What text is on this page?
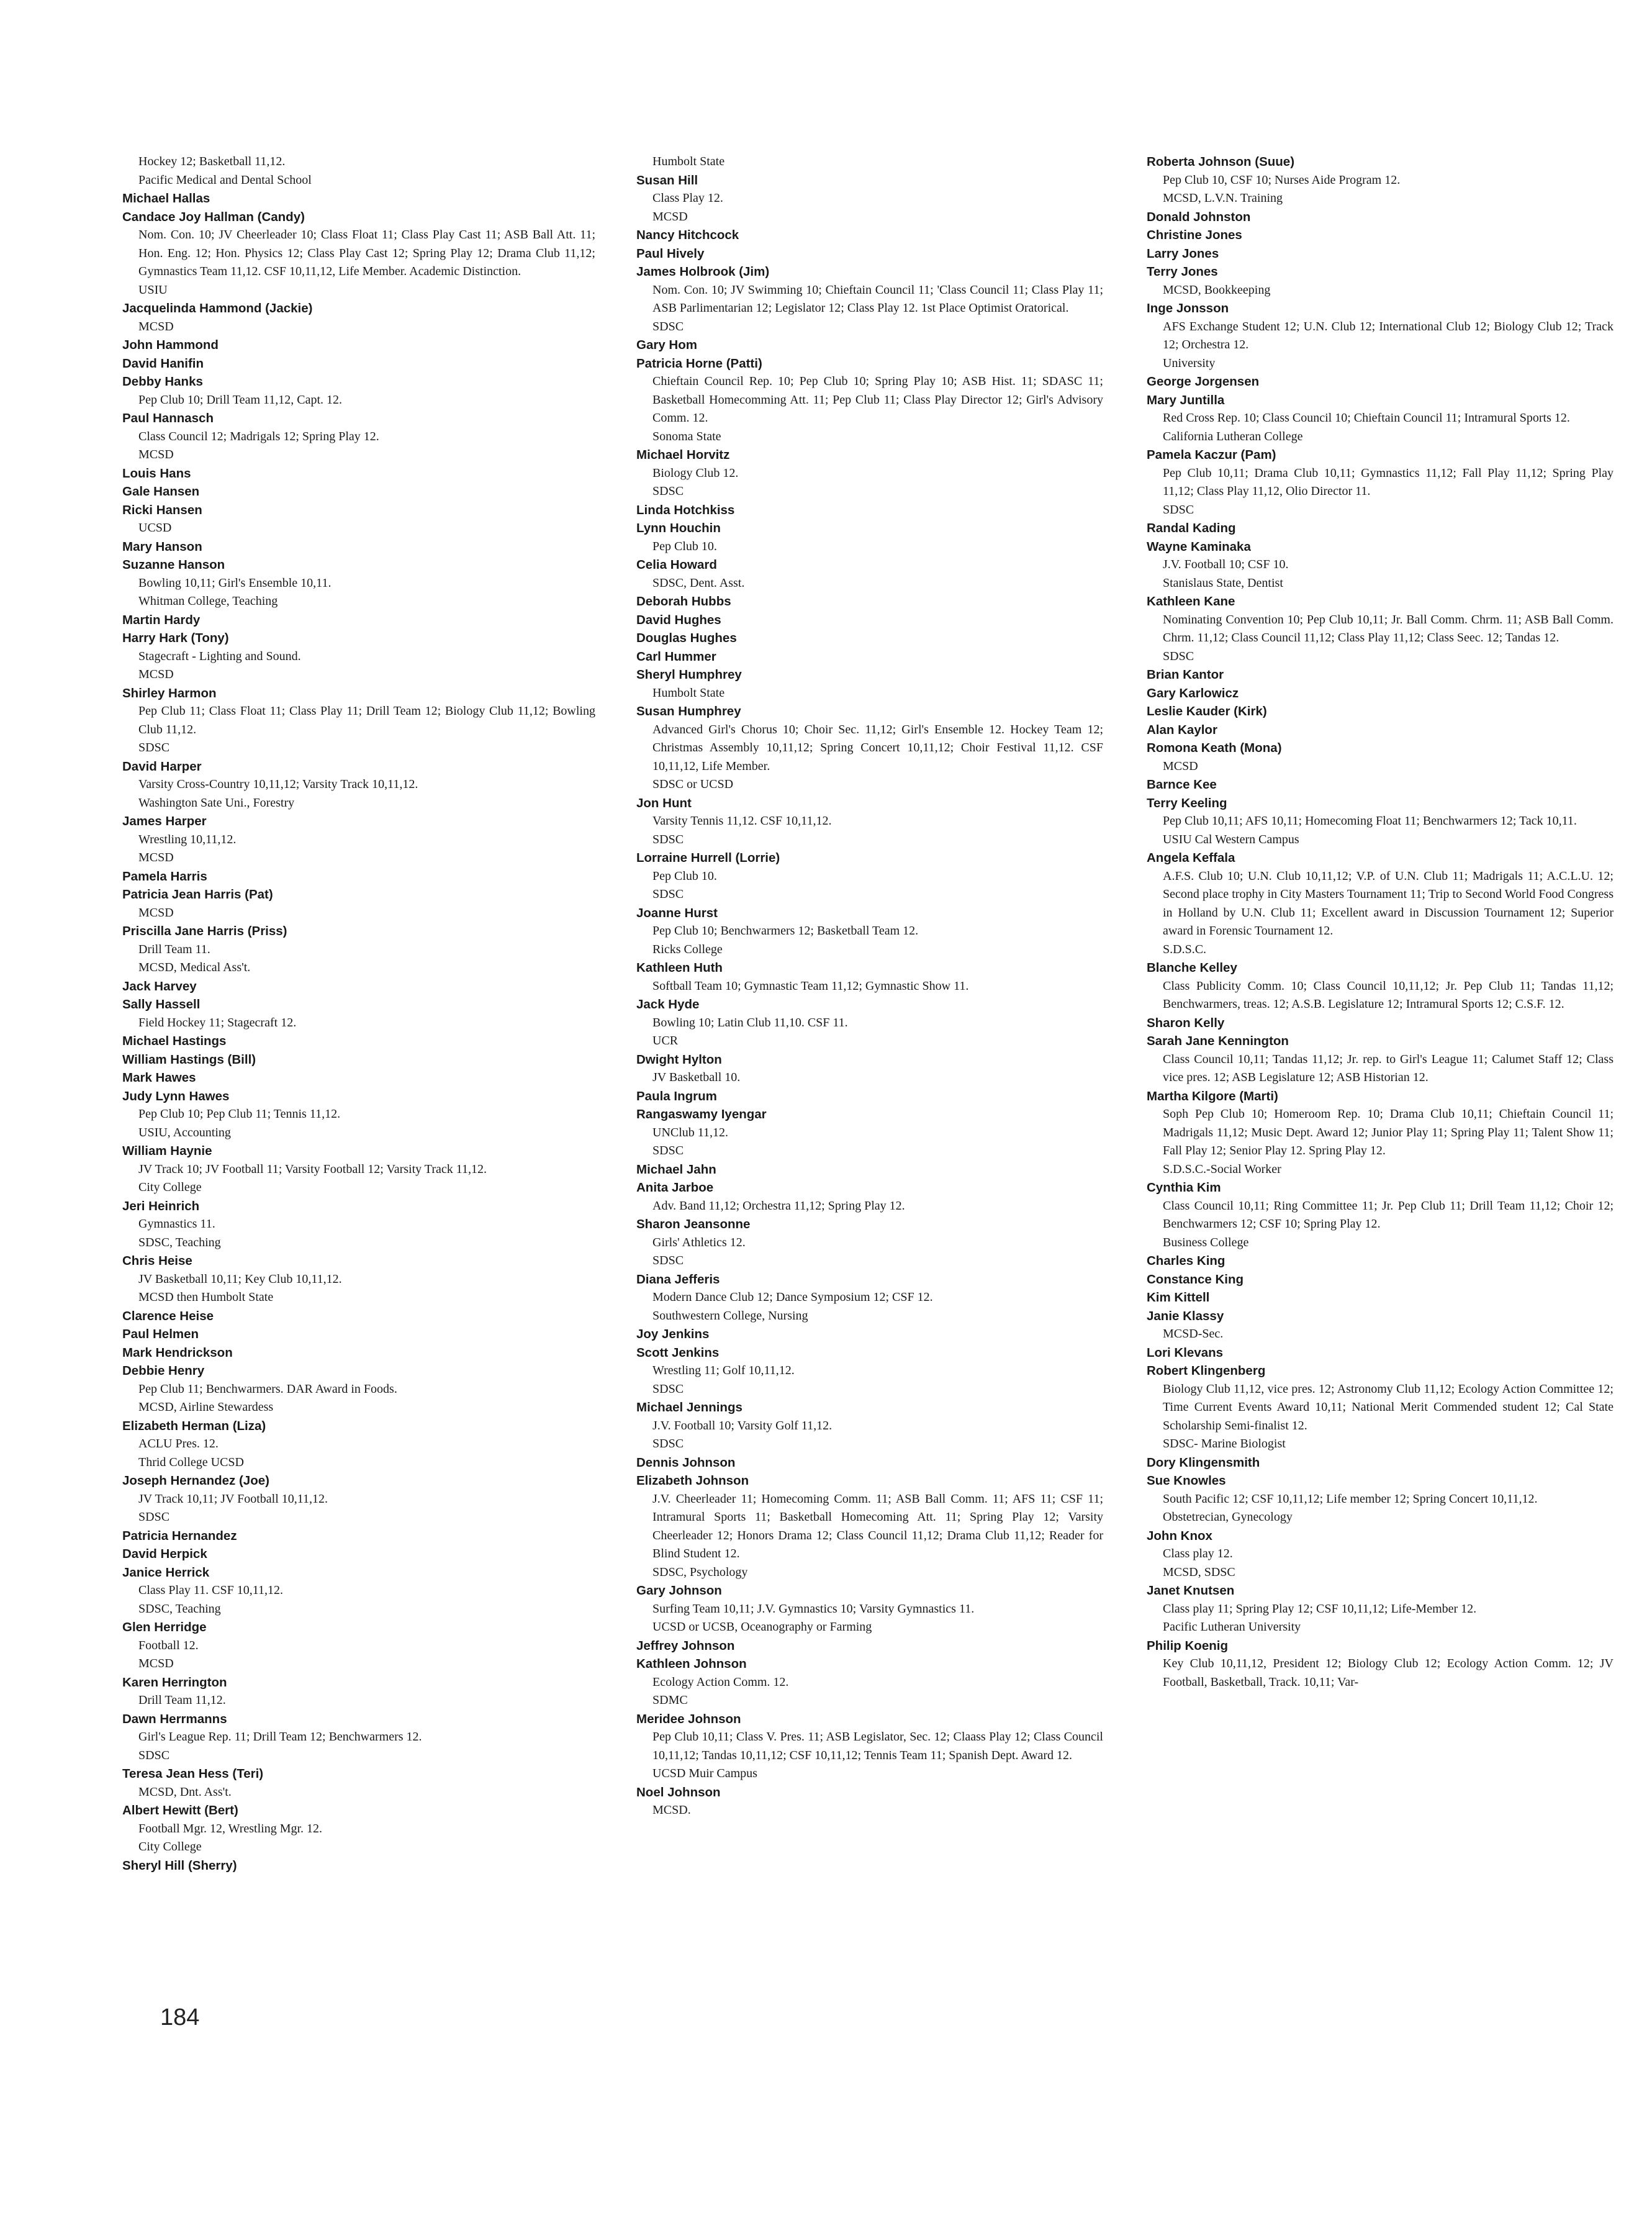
Hockey 12; Basketball 11,12.
Pacific Medical and Dental School
Michael Hallas
Candace Joy Hallman (Candy)
Nom. Con. 10; JV Cheerleader 10; Class Float 11; Class Play Cast 11; ASB Ball Att. 11; Hon. Eng. 12; Hon. Physics 12; Class Play Cast 12; Spring Play 12; Drama Club 11,12; Gymnastics Team 11,12. CSF 10,11,12, Life Member. Academic Distinction.
USIU
Jacquelinda Hammond (Jackie)
MCSD
John Hammond
David Hanifin
Debby Hanks
Pep Club 10; Drill Team 11,12, Capt. 12.
Paul Hannasch
Class Council 12; Madrigals 12; Spring Play 12.
MCSD
Louis Hans
Gale Hansen
Ricki Hansen
UCSD
Mary Hanson
Suzanne Hanson
Bowling 10,11; Girl's Ensemble 10,11.
Whitman College, Teaching
Martin Hardy
Harry Hark (Tony)
Stagecraft - Lighting and Sound.
MCSD
Shirley Harmon
Pep Club 11; Class Float 11; Class Play 11; Drill Team 12; Biology Club 11,12; Bowling Club 11,12.
SDSC
David Harper
Varsity Cross-Country 10,11,12; Varsity Track 10,11,12.
Washington Sate Uni., Forestry
James Harper
Wrestling 10,11,12.
MCSD
Pamela Harris
Patricia Jean Harris (Pat)
MCSD
Priscilla Jane Harris (Priss)
Drill Team 11.
MCSD, Medical Ass't.
Jack Harvey
Sally Hassell
Field Hockey 11; Stagecraft 12.
Michael Hastings
William Hastings (Bill)
Mark Hawes
Judy Lynn Hawes
Pep Club 10; Pep Club 11; Tennis 11,12.
USIU, Accounting
William Haynie
JV Track 10; JV Football 11; Varsity Football 12; Varsity Track 11,12.
City College
Jeri Heinrich
Gymnastics 11.
SDSC, Teaching
Chris Heise
JV Basketball 10,11; Key Club 10,11,12.
MCSD then Humbolt State
Clarence Heise
Paul Helmen
Mark Hendrickson
Debbie Henry
Pep Club 11; Benchwarmers. DAR Award in Foods.
MCSD, Airline Stewardess
Elizabeth Herman (Liza)
ACLU Pres. 12.
Thrid College UCSD
Joseph Hernandez (Joe)
JV Track 10,11; JV Football 10,11,12.
SDSC
Patricia Hernandez
David Herpick
Janice Herrick
Class Play 11. CSF 10,11,12.
SDSC, Teaching
Glen Herridge
Football 12.
MCSD
Karen Herrington
Drill Team 11,12.
Dawn Herrmanns
Girl's League Rep. 11; Drill Team 12; Benchwarmers 12.
SDSC
Teresa Jean Hess (Teri)
MCSD, Dnt. Ass't.
Albert Hewitt (Bert)
Football Mgr. 12, Wrestling Mgr. 12.
City College
Sheryl Hill (Sherry)
Humbolt State
Susan Hill
Class Play 12.
MCSD
Nancy Hitchcock
Paul Hively
James Holbrook (Jim)
Nom. Con. 10; JV Swimming 10; Chieftain Council 11; 'Class Council 11; Class Play 11; ASB Parlimentarian 12; Legislator 12; Class Play 12. 1st Place Optimist Oratorical.
SDSC
Gary Hom
Patricia Horne (Patti)
Chieftain Council Rep. 10; Pep Club 10; Spring Play 10; ASB Hist. 11; SDASC 11; Basketball Homecomming Att. 11; Pep Club 11; Class Play Director 12; Girl's Advisory Comm. 12.
Sonoma State
Michael Horvitz
Biology Club 12.
SDSC
Linda Hotchkiss
Lynn Houchin
Pep Club 10.
Celia Howard
SDSC, Dent. Asst.
Deborah Hubbs
David Hughes
Douglas Hughes
Carl Hummer
Sheryl Humphrey
Humbolt State
Susan Humphrey
Advanced Girl's Chorus 10; Choir Sec. 11,12; Girl's Ensemble 12. Hockey Team 12; Christmas Assembly 10,11,12; Spring Concert 10,11,12; Choir Festival 11,12. CSF 10,11,12, Life Member.
SDSC or UCSD
Jon Hunt
Varsity Tennis 11,12. CSF 10,11,12.
SDSC
Lorraine Hurrell (Lorrie)
Pep Club 10.
SDSC
Joanne Hurst
Pep Club 10; Benchwarmers 12; Basketball Team 12.
Ricks College
Kathleen Huth
Softball Team 10; Gymnastic Team 11,12; Gymnastic Show 11.
Jack Hyde
Bowling 10; Latin Club 11,10. CSF 11.
UCR
Dwight Hylton
JV Basketball 10.
Paula Ingrum
Rangaswamy Iyengar
UNClub 11,12.
SDSC
Michael Jahn
Anita Jarboe
Adv. Band 11,12; Orchestra 11,12; Spring Play 12.
Sharon Jeansonne
Girls' Athletics 12.
SDSC
Diana Jefferis
Modern Dance Club 12; Dance Symposium 12; CSF 12.
Southwestern College, Nursing
Joy Jenkins
Scott Jenkins
Wrestling 11; Golf 10,11,12.
SDSC
Michael Jennings
J.V. Football 10; Varsity Golf 11,12.
SDSC
Dennis Johnson
Elizabeth Johnson
J.V. Cheerleader 11; Homecoming Comm. 11; ASB Ball Comm. 11; AFS 11; CSF 11; Intramural Sports 11; Basketball Homecoming Att. 11; Spring Play 12; Varsity Cheerleader 12; Honors Drama 12; Class Council 11,12; Drama Club 11,12; Reader for Blind Student 12.
SDSC, Psychology
Gary Johnson
Surfing Team 10,11; J.V. Gymnastics 10; Varsity Gymnastics 11.
UCSD or UCSB, Oceanography or Farming
Jeffrey Johnson
Kathleen Johnson
Ecology Action Comm. 12.
SDMC
Meridee Johnson
Pep Club 10,11; Class V. Pres. 11; ASB Legislator, Sec. 12; Claass Play 12; Class Council 10,11,12; Tandas 10,11,12; CSF 10,11,12; Tennis Team 11; Spanish Dept. Award 12.
UCSD Muir Campus
Noel Johnson
MCSD.
Roberta Johnson (Suue)
Pep Club 10, CSF 10; Nurses Aide Program 12.
MCSD, L.V.N. Training
Donald Johnston
Christine Jones
Larry Jones
Terry Jones
MCSD, Bookkeeping
Inge Jonsson
AFS Exchange Student 12; U.N. Club 12; International Club 12; Biology Club 12; Track 12; Orchestra 12.
University
George Jorgensen
Mary Juntilla
Red Cross Rep. 10; Class Council 10; Chieftain Council 11; Intramural Sports 12.
California Lutheran College
Pamela Kaczur (Pam)
Pep Club 10,11; Drama Club 10,11; Gymnastics 11,12; Fall Play 11,12; Spring Play 11,12; Class Play 11,12, Olio Director 11.
SDSC
Randal Kading
Wayne Kaminaka
J.V. Football 10; CSF 10.
Stanislaus State, Dentist
Kathleen Kane
Nominating Convention 10; Pep Club 10,11; Jr. Ball Comm. Chrm. 11; ASB Ball Comm. Chrm. 11,12; Class Council 11,12; Class Play 11,12; Class Seec. 12; Tandas 12.
SDSC
Brian Kantor
Gary Karlowicz
Leslie Kauder (Kirk)
Alan Kaylor
Romona Keath (Mona)
MCSD
Barnce Kee
Terry Keeling
Pep Club 10,11; AFS 10,11; Homecoming Float 11; Benchwarmers 12; Tack 10,11.
USIU Cal Western Campus
Angela Keffala
A.F.S. Club 10; U.N. Club 10,11,12; V.P. of U.N. Club 11; Madrigals 11; A.C.L.U. 12; Second place trophy in City Masters Tournament 11; Trip to Second World Food Congress in Holland by U.N. Club 11; Excellent award in Discussion Tournament 12; Superior award in Forensic Tournament 12.
S.D.S.C.
Blanche Kelley
Class Publicity Comm. 10; Class Council 10,11,12; Jr. Pep Club 11; Tandas 11,12; Benchwarmers, treas. 12; A.S.B. Legislature 12; Intramural Sports 12; C.S.F. 12.
Sharon Kelly
Sarah Jane Kennington
Class Council 10,11; Tandas 11,12; Jr. rep. to Girl's League 11; Calumet Staff 12; Class vice pres. 12; ASB Legislature 12; ASB Historian 12.
Martha Kilgore (Marti)
Soph Pep Club 10; Homeroom Rep. 10; Drama Club 10,11; Chieftain Council 11; Madrigals 11,12; Music Dept. Award 12; Junior Play 11; Spring Play 11; Talent Show 11; Fall Play 12; Senior Play 12. Spring Play 12.
S.D.S.C.-Social Worker
Cynthia Kim
Class Council 10,11; Ring Committee 11; Jr. Pep Club 11; Drill Team 11,12; Choir 12; Benchwarmers 12; CSF 10; Spring Play 12.
Business College
Charles King
Constance King
Kim Kittell
Janie Klassy
MCSD-Sec.
Lori Klevans
Robert Klingenberg
Biology Club 11,12, vice pres. 12; Astronomy Club 11,12; Ecology Action Committee 12; Time Current Events Award 10,11; National Merit Commended student 12; Cal State Scholarship Semi-finalist 12.
SDSC- Marine Biologist
Dory Klingensmith
Sue Knowles
South Pacific 12; CSF 10,11,12; Life member 12; Spring Concert 10,11,12.
Obstetrecian, Gynecology
John Knox
Class play 12.
MCSD, SDSC
Janet Knutsen
Class play 11; Spring Play 12; CSF 10,11,12; Life-Member 12.
Pacific Lutheran University
Philip Koenig
Key Club 10,11,12, President 12; Biology Club 12; Ecology Action Comm. 12; JV Football, Basketball, Track. 10,11; Var-
184
